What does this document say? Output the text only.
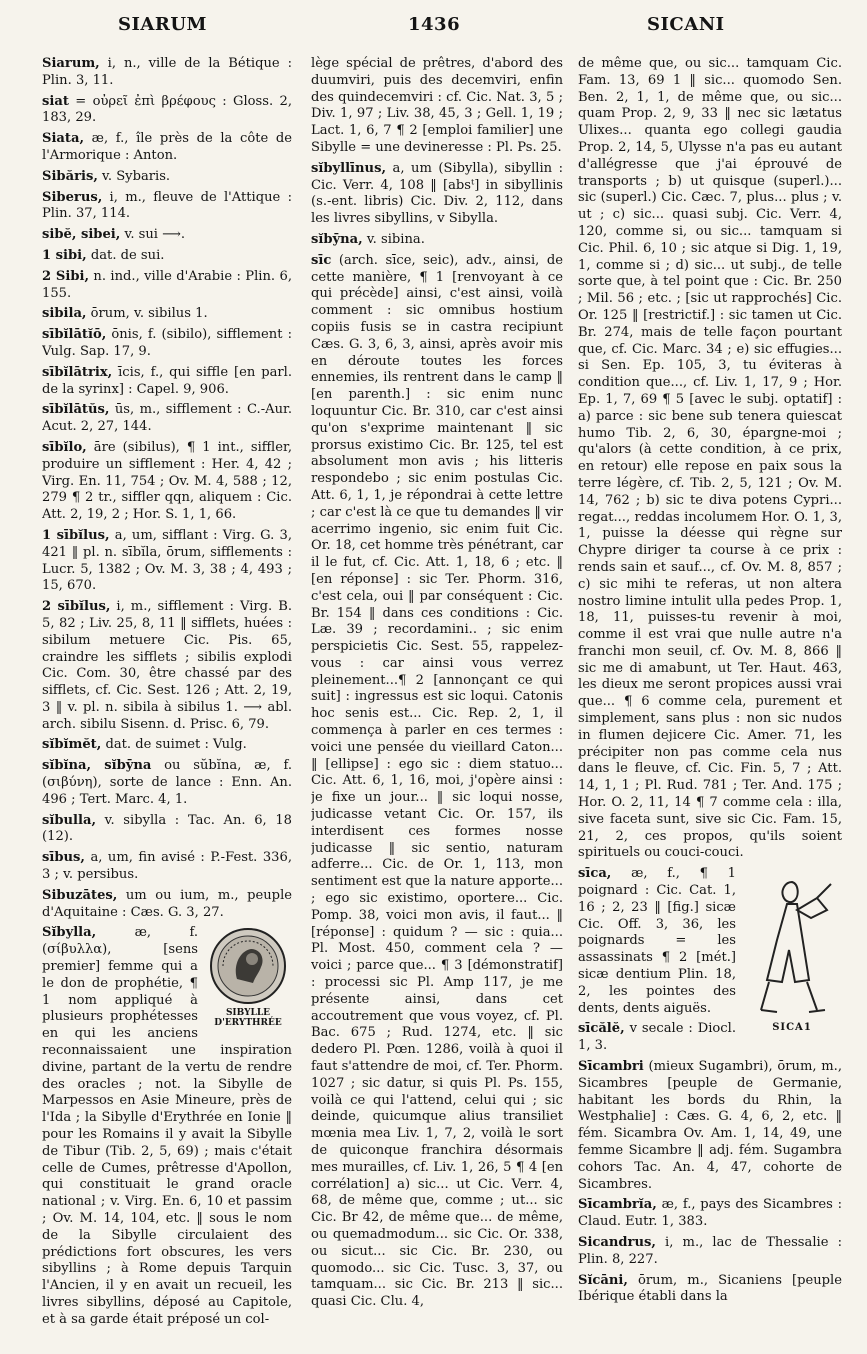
SIARUM	1436	SICANI

Siarum, i, n., ville de la Bétique : Plin. 3, 11.

siat = οὐρεῖ ἐπὶ βρέφους : Gloss. 2, 183, 29.

Siata, æ, f., île près de la côte de l'Armorique : Anton.

Sibăris, v. Sybaris.

Siberus, i, m., fleuve de l'Attique : Plin. 37, 114.

sibĕ, sibei, v. sui ⟶.

1 sibi, dat. de sui.

2 Sibi, n. ind., ville d'Arabie : Plin. 6, 155.

sibila, ōrum, v. sibilus 1.

sībĭlātĭō, ōnis, f. (sibilo), sifflement : Vulg. Sap. 17, 9.

sībĭlātrix, īcis, f., qui siffle [en parl. de la syrinx] : Capel. 9, 906.

sībĭlātŭs, ūs, m., sifflement : C.-Aur. Acut. 2, 27, 144.

sībĭlo, āre (sibilus), ¶ 1 int., siffler, produire un sifflement : Her. 4, 42 ; Virg. En. 11, 754 ; Ov. M. 4, 588 ; 12, 279 ¶ 2 tr., siffler qqn, aliquem : Cic. Att. 2, 19, 2 ; Hor. S. 1, 1, 66.

1 sībĭlus, a, um, sifflant : Virg. G. 3, 421 ‖ pl. n. sībĭla, ōrum, sifflements : Lucr. 5, 1382 ; Ov. M. 3, 38 ; 4, 493 ; 15, 670.

2 sībĭlus, i, m., sifflement : Virg. B. 5, 82 ; Liv. 25, 8, 11 ‖ sifflets, huées : sibilum metuere Cic. Pis. 65, craindre les sifflets ; sibilis explodi Cic. Com. 30, être chassé par des sifflets, cf. Cic. Sest. 126 ; Att. 2, 19, 3 ‖ v. pl. n. sibila à sibilus 1. ⟶ abl. arch. sibilu Sisenn. d. Prisc. 6, 79.

sĭbĭmĕt, dat. de suimet : Vulg.

sĭbĭna, sĭbȳna ou sŭbĭna, æ, f. (σιβύνη), sorte de lance : Enn. An. 496 ; Tert. Marc. 4, 1.

sĭbulla, v. sibylla : Tac. An. 6, 18 (12).

sībus, a, um, fin avisé : P.-Fest. 336, 3 ; v. persibus.

Sibuzātes, um ou ium, m., peuple d'Aquitaine : Cæs. G. 3, 27.

SIBYLLE D'ERYTHRÉE
Sĭbylla, æ, f. (σίβυλλα), [sens premier] femme qui a le don de prophétie, ¶ 1 nom appliqué à plusieurs prophétesses en qui les anciens reconnaissaient une inspiration divine, partant de la vertu de rendre des oracles ; not. la Sibylle de Marpessos en Asie Mineure, près de l'Ida ; la Sibylle d'Erythrée en Ionie ‖ pour les Romains il y avait la Sibylle de Tibur (Tib. 2, 5, 69) ; mais c'était celle de Cumes, prêtresse d'Apollon, qui constituait le grand oracle national ; v. Virg. En. 6, 10 et passim ; Ov. M. 14, 104, etc. ‖ sous le nom de la Sibylle circulaient des prédictions fort obscures, les vers sibyllins ; à Rome depuis Tarquin l'Ancien, il y en avait un recueil, les livres sibyllins, déposé au Capitole, et à sa garde était préposé un col-

lège spécial de prêtres, d'abord des duumviri, puis des decemviri, enfin des quindecemviri : cf. Cic. Nat. 3, 5 ; Div. 1, 97 ; Liv. 38, 45, 3 ; Gell. 1, 19 ; Lact. 1, 6, 7 ¶ 2 [emploi familier] une Sibylle = une devineresse : Pl. Ps. 25.

sĭbyllīnus, a, um (Sibylla), sibyllin : Cic. Verr. 4, 108 ‖ [absᵗ] in sibyllinis (s.-ent. libris) Cic. Div. 2, 112, dans les livres sibyllins, v Sibylla.

sĭbȳna, v. sibina.

sīc (arch. sīce, seic), adv., ainsi, de cette manière, ¶ 1 [renvoyant à ce qui précède] ainsi, c'est ainsi, voilà comment : sic omnibus hostium copiis fusis se in castra recipiunt Cæs. G. 3, 6, 3, ainsi, après avoir mis en déroute toutes les forces ennemies, ils rentrent dans le camp ‖ [en parenth.] : sic enim nunc loquuntur Cic. Br. 310, car c'est ainsi qu'on s'exprime maintenant ‖ sic prorsus existimo Cic. Br. 125, tel est absolument mon avis ; his litteris respondebo ; sic enim postulas Cic. Att. 6, 1, 1, je répondrai à cette lettre ; car c'est là ce que tu demandes ‖ vir acerrimo ingenio, sic enim fuit Cic. Or. 18, cet homme très pénétrant, car il le fut, cf. Cic. Att. 1, 18, 6 ; etc. ‖ [en réponse] : sic Ter. Phorm. 316, c'est cela, oui ‖ par conséquent : Cic. Br. 154 ‖ dans ces conditions : Cic. Læ. 39 ; recordamini.. ; sic enim perspicietis Cic. Sest. 55, rappelez-vous : car ainsi vous verrez pleinement...¶ 2 [annonçant ce qui suit] : ingressus est sic loqui. Catonis hoc senis est... Cic. Rep. 2, 1, il commença à parler en ces termes : voici une pensée du vieillard Caton... ‖ [ellipse] : ego sic : diem statuo... Cic. Att. 6, 1, 16, moi, j'opère ainsi : je fixe un jour... ‖ sic loqui nosse, judicasse vetant Cic. Or. 157, ils interdisent ces formes nosse judicasse ‖ sic sentio, naturam adferre... Cic. de Or. 1, 113, mon sentiment est que la nature apporte... ; ego sic existimo, oportere... Cic. Pomp. 38, voici mon avis, il faut... ‖ [réponse] : quidum ? — sic : quia... Pl. Most. 450, comment cela ? — voici ; parce que... ¶ 3 [démonstratif] : processi sic Pl. Amp 117, je me présente ainsi, dans cet accoutrement que vous voyez, cf. Pl. Bac. 675 ; Rud. 1274, etc. ‖ sic dedero Pl. Pœn. 1286, voilà à quoi il faut s'attendre de moi, cf. Ter. Phorm. 1027 ; sic datur, si quis Pl. Ps. 155, voilà ce qui l'attend, celui qui ; sic deinde, quicumque alius transiliet mœnia mea Liv. 1, 7, 2, voilà le sort de quiconque franchira désormais mes murailles, cf. Liv. 1, 26, 5 ¶ 4 [en corrélation] a) sic... ut Cic. Verr. 4, 68, de même que, comme ; ut... sic Cic. Br 42, de même que... de même, ou quemadmodum... sic Cic. Or. 338, ou sicut... sic Cic. Br. 230, ou quomodo... sic Cic. Tusc. 3, 37, ou tamquam... sic Cic. Br. 213 ‖ sic... quasi Cic. Clu. 4,

de même que, ou sic... tamquam Cic. Fam. 13, 69 1 ‖ sic... quomodo Sen. Ben. 2, 1, 1, de même que, ou sic... quam Prop. 2, 9, 33 ‖ nec sic lætatus Ulixes... quanta ego collegi gaudia Prop. 2, 14, 5, Ulysse n'a pas eu autant d'allégresse que j'ai éprouvé de transports ; b) ut quisque (superl.)... sic (superl.) Cic. Cæc. 7, plus... plus ; v. ut ; c) sic... quasi subj. Cic. Verr. 4, 120, comme si, ou sic... tamquam si Cic. Phil. 6, 10 ; sic atque si Dig. 1, 19, 1, comme si ; d) sic... ut subj., de telle sorte que, à tel point que : Cic. Br. 250 ; Mil. 56 ; etc. ; [sic ut rapprochés] Cic. Or. 125 ‖ [restrictif.] : sic tamen ut Cic. Br. 274, mais de telle façon pourtant que, cf. Cic. Marc. 34 ; e) sic effugies... si Sen. Ep. 105, 3, tu éviteras à condition que..., cf. Liv. 1, 17, 9 ; Hor. Ep. 1, 7, 69 ¶ 5 [avec le subj. optatif] : a) parce : sic bene sub tenera quiescat humo Tib. 2, 6, 30, épargne-moi ; qu'alors (à cette condition, à ce prix, en retour) elle repose en paix sous la terre légère, cf. Tib. 2, 5, 121 ; Ov. M. 14, 762 ; b) sic te diva potens Cypri... regat..., reddas incolumem Hor. O. 1, 3, 1, puisse la déesse qui règne sur Chypre diriger ta course à ce prix : rends sain et sauf..., cf. Ov. M. 8, 857 ; c) sic mihi te referas, ut non altera nostro limine intulit ulla pedes Prop. 1, 18, 11, puisses-tu revenir à moi, comme il est vrai que nulle autre n'a franchi mon seuil, cf. Ov. M. 8, 866 ‖ sic me di amabunt, ut Ter. Haut. 463, les dieux me seront propices aussi vrai que... ¶ 6 comme cela, purement et simplement, sans plus : non sic nudos in flumen dejicere Cic. Amer. 71, les précipiter non pas comme cela nus dans le fleuve, cf. Cic. Fin. 5, 7 ; Att. 14, 1, 1 ; Pl. Rud. 781 ; Ter. And. 175 ; Hor. O. 2, 11, 14 ¶ 7 comme cela : illa, sive faceta sunt, sive sic Cic. Fam. 15, 21, 2, ces propos, qu'ils soient spirituels ou couci-couci.

SICA1
sīca, æ, f., ¶ 1 poignard : Cic. Cat. 1, 16 ; 2, 23 ‖ [fig.] sicæ Cic. Off. 3, 36, les poignards = les assassinats ¶ 2 [mét.] sicæ dentium Plin. 18, 2, les pointes des dents, dents aiguës.

sīcălĕ, v secale : Diocl. 1, 3.

Sīcambri (mieux Sugambri), ōrum, m., Sicambres [peuple de Germanie, habitant les bords du Rhin, la Westphalie] : Cæs. G. 4, 6, 2, etc. ‖ fém. Sicambra Ov. Am. 1, 14, 49, une femme Sicambre ‖ adj. fém. Sugambra cohors Tac. An. 4, 47, cohorte de Sicambres.

Sīcambrĭa, æ, f., pays des Sicambres : Claud. Eutr. 1, 383.

Sicandrus, i, m., lac de Thessalie : Plin. 8, 227.

Sĭcāni, ōrum, m., Sicaniens [peuple Ibérique établi dans la
